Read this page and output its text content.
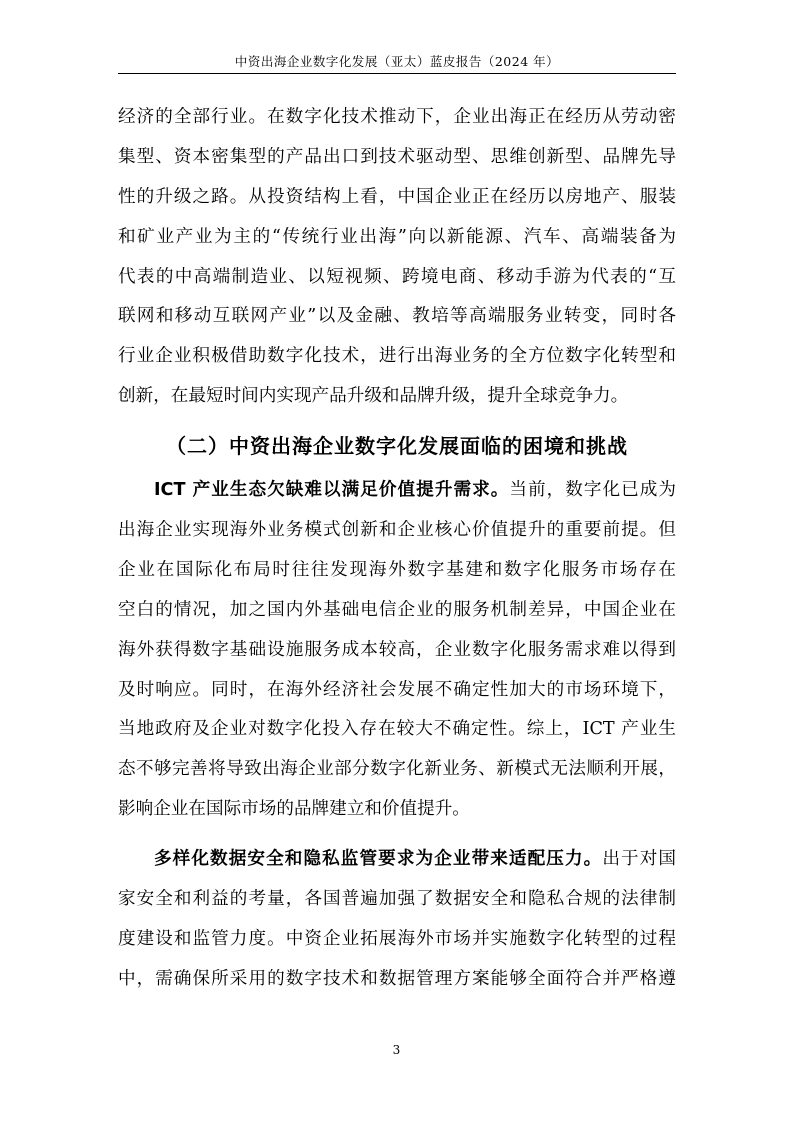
中资出海企业数字化发展（亚太）蓝皮报告（2024 年）
经济的全部行业。在数字化技术推动下，企业出海正在经历从劳动密
集型、资本密集型的产品出口到技术驱动型、思维创新型、品牌先导
性的升级之路。从投资结构上看，中国企业正在经历以房地产、服装
和矿业产业为主的“传统行业出海”向以新能源、汽车、高端装备为
代表的中高端制造业、以短视频、跨境电商、移动手游为代表的“互
联网和移动互联网产业”以及金融、教培等高端服务业转变，同时各
行业企业积极借助数字化技术，进行出海业务的全方位数字化转型和
创新，在最短时间内实现产品升级和品牌升级，提升全球竞争力。
（二）中资出海企业数字化发展面临的困境和挑战
ICT 产业生态欠缺难以满足价值提升需求。当前，数字化已成为
出海企业实现海外业务模式创新和企业核心价值提升的重要前提。但
企业在国际化布局时往往发现海外数字基建和数字化服务市场存在
空白的情况，加之国内外基础电信企业的服务机制差异，中国企业在
海外获得数字基础设施服务成本较高，企业数字化服务需求难以得到
及时响应。同时，在海外经济社会发展不确定性加大的市场环境下，
当地政府及企业对数字化投入存在较大不确定性。综上，ICT 产业生
态不够完善将导致出海企业部分数字化新业务、新模式无法顺利开展，
影响企业在国际市场的品牌建立和价值提升。
多样化数据安全和隐私监管要求为企业带来适配压力。出于对国
家安全和利益的考量，各国普遍加强了数据安全和隐私合规的法律制
度建设和监管力度。中资企业拓展海外市场并实施数字化转型的过程
中，需确保所采用的数字技术和数据管理方案能够全面符合并严格遵
3
